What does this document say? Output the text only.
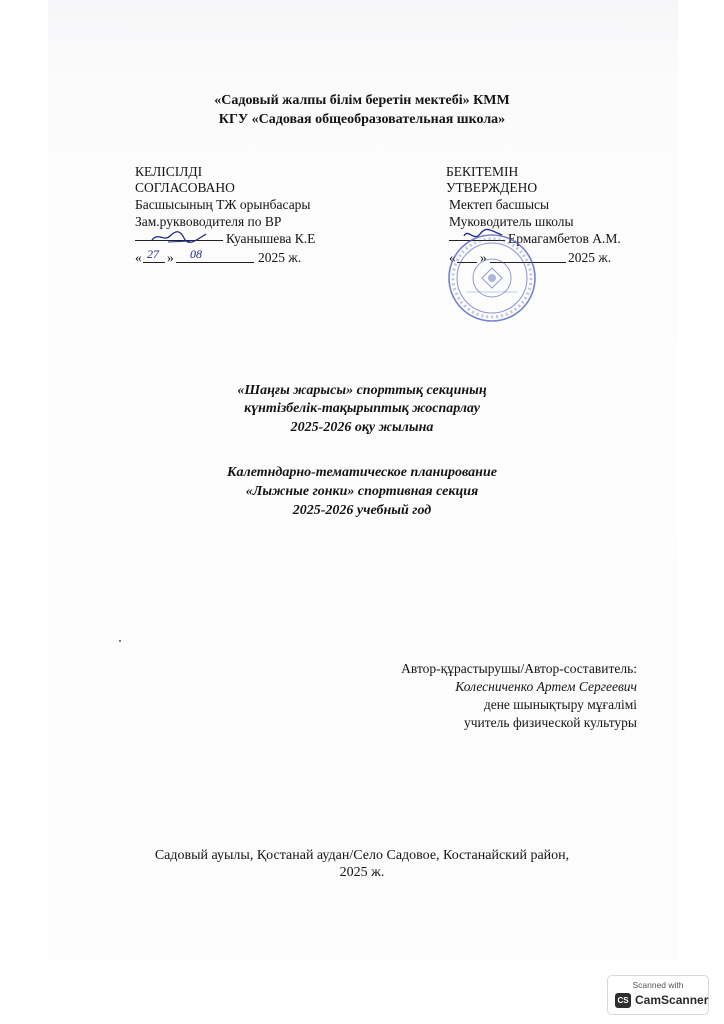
«Садовый жалпы білім беретін мектебі» КММ
КГУ «Садовая общеобразовательная школа»
КЕЛІСІЛДІ
СОГЛАСОВАНО
Басшысының ТЖ орынбасары
Зам.руквоводителя по ВР
Куанышева К.Е
« 27 » 08	2025 ж.
БЕКІТЕМІН
УТВЕРЖДЕНО
Мектеп басшысы
Муководитель школы
Ермагамбетов А.М.
« »	2025 ж.
«Шаңғы жарысы» спорттық секциның
күнтізбелік-тақырыптық жоспарлау
2025-2026 оқу жылына
Калетндарно-тематическое планирование
«Лыжные гонки» спортивная секция
2025-2026 учебный год
Автор-құрастырушы/Автор-составитель:
Колесниченко Артем Сергеевич
дене шынықтыру мұғалімі
учитель физической культуры
Садовый ауылы, Қостанай аудан/Село Садовое, Костанайский район,
2025 ж.
Scanned with
CS CamScanner
